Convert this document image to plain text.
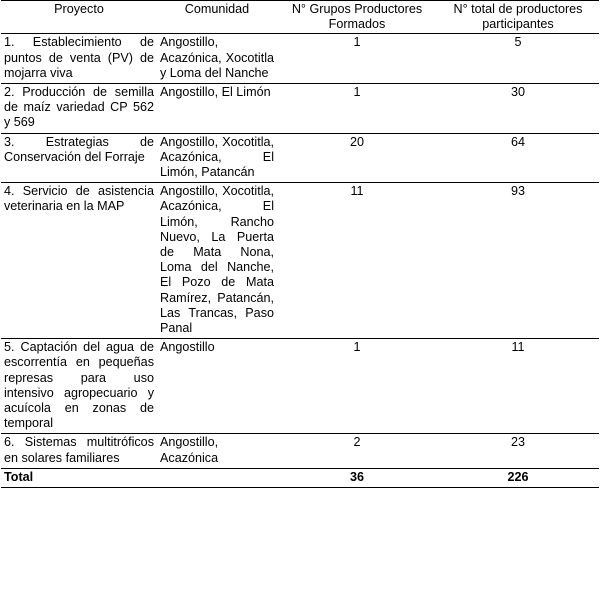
Proyecto	Comunidad	N° Grupos Productores Formados	N° total de productores participantes
1. Establecimiento de puntos de venta (PV) de mojarra viva	Angostillo, Acazónica, Xocotitla y Loma del Nanche	1	5
2. Producción de semilla de maíz variedad CP 562 y 569	Angostillo, El Limón	1	30
3. Estrategias de Conservación del Forraje	Angostillo, Xocotitla, Acazónica, El Limón, Patancán	20	64
4. Servicio de asistencia veterinaria en la MAP	Angostillo, Xocotitla, Acazónica, El Limón, Rancho Nuevo, La Puerta de Mata Nona, Loma del Nanche, El Pozo de Mata Ramírez, Patancán, Las Trancas, Paso Panal	11	93
5. Captación del agua de escorrentía en pequeñas represas para uso intensivo agropecuario y acuícola en zonas de temporal	Angostillo	1	11
6. Sistemas multitróficos en solares familiares	Angostillo, Acazónica	2	23
Total		36	226
